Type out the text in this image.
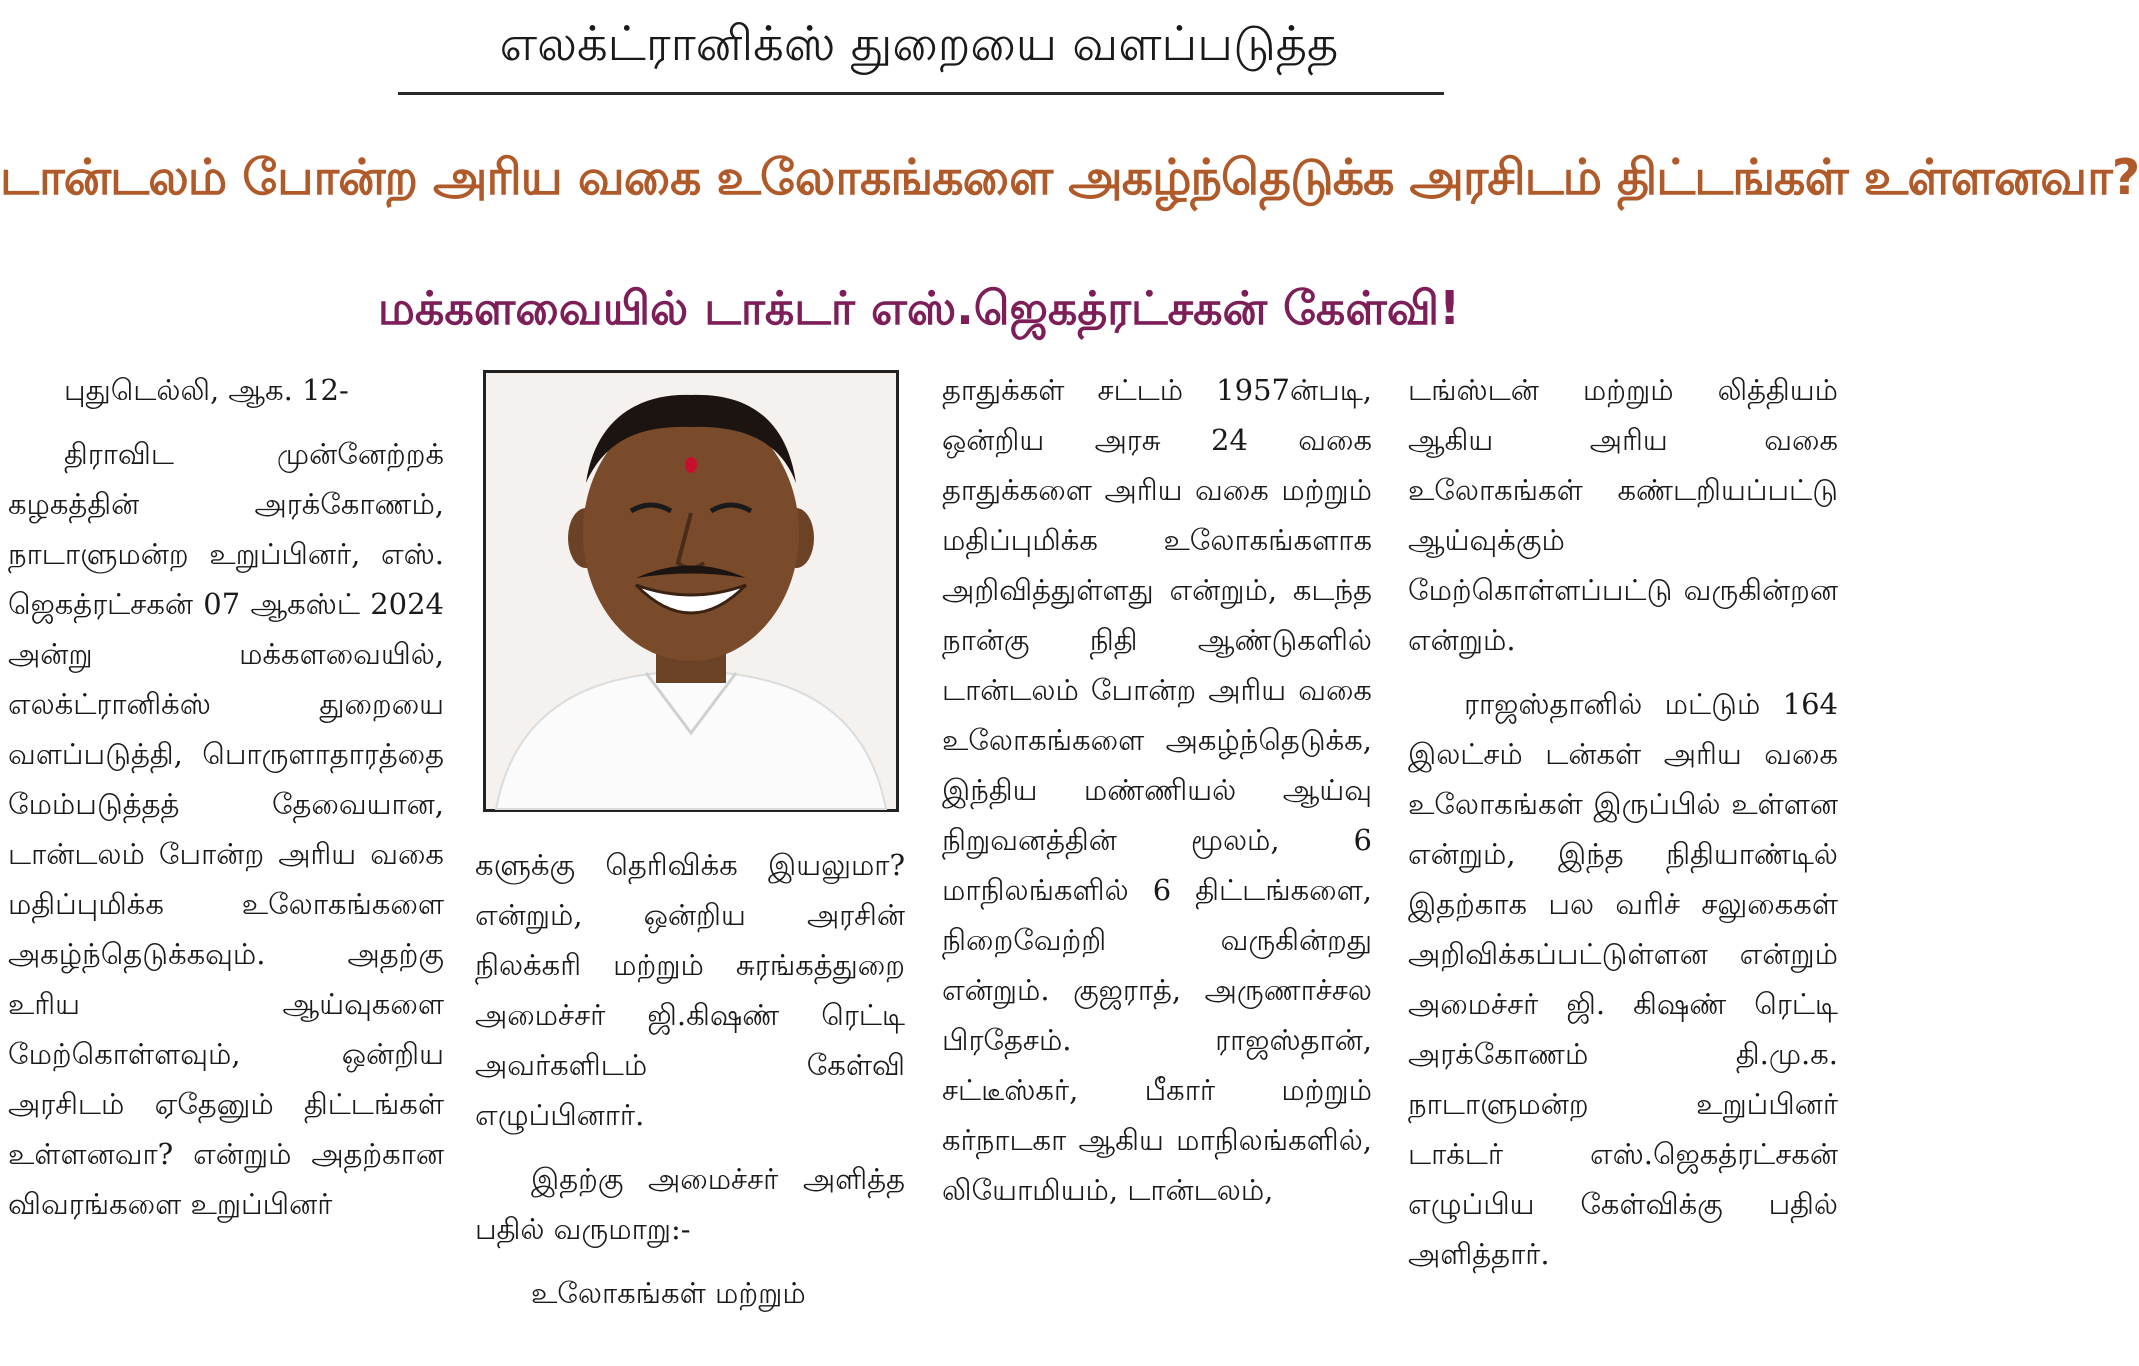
எலக்ட்ரானிக்ஸ் துறையை வளப்படுத்த
டான்டலம் போன்ற அரிய வகை உலோகங்களை அகழ்ந்தெடுக்க அரசிடம் திட்டங்கள் உள்ளனவா?
மக்களவையில் டாக்டர் எஸ்.ஜெகத்ரட்சகன் கேள்வி!

புதுடெல்லி, ஆக. 12-

திராவிட முன்னேற்றக் கழகத்தின் அரக்கோணம், நாடாளுமன்ற உறுப்பினர், எஸ். ஜெகத்ரட்சகன் 07 ஆகஸ்ட் 2024 அன்று மக்களவையில், எலக்ட்ரானிக்ஸ் துறையை வளப்படுத்தி, பொருளாதாரத்தை மேம்படுத்தத் தேவையான, டான்டலம் போன்ற அரிய வகை மதிப்புமிக்க உலோகங்களை அகழ்ந்தெடுக்கவும். அதற்கு உரிய ஆய்வுகளை மேற்கொள்ளவும், ஒன்றிய அரசிடம் ஏதேனும் திட்டங்கள் உள்ளனவா? என்றும் அதற்கான விவரங்களை உறுப்பினர்

களுக்கு தெரிவிக்க இயலுமா? என்றும், ஒன்றிய அரசின் நிலக்கரி மற்றும் சுரங்கத்துறை அமைச்சர் ஜி.கிஷண் ரெட்டி அவர்களிடம் கேள்வி எழுப்பினார்.

இதற்கு அமைச்சர் அளித்த பதில் வருமாறு:-

உலோகங்கள் மற்றும்

தாதுக்கள் சட்டம் 1957ன்படி, ஒன்றிய அரசு 24 வகை தாதுக்களை அரிய வகை மற்றும் மதிப்புமிக்க உலோகங்களாக அறிவித்துள்ளது என்றும், கடந்த நான்கு நிதி ஆண்டுகளில் டான்டலம் போன்ற அரிய வகை உலோகங்களை அகழ்ந்தெடுக்க, இந்திய மண்ணியல் ஆய்வு நிறுவனத்தின் மூலம், 6 மாநிலங்களில் 6 திட்டங்களை, நிறைவேற்றி வருகின்றது என்றும். குஜராத், அருணாச்சல பிரதேசம். ராஜஸ்தான், சட்டீஸ்கர், பீகார் மற்றும் கர்நாடகா ஆகிய மாநிலங்களில், லியோமியம், டான்டலம்,

டங்ஸ்டன் மற்றும் லித்தியம் ஆகிய அரிய வகை உலோகங்கள் கண்டறியப்பட்டு ஆய்வுக்கும் மேற்கொள்ளப்பட்டு வருகின்றன என்றும்.

ராஜஸ்தானில் மட்டும் 164 இலட்சம் டன்கள் அரிய வகை உலோகங்கள் இருப்பில் உள்ளன என்றும், இந்த நிதியாண்டில் இதற்காக பல வரிச் சலுகைகள் அறிவிக்கப்பட்டுள்ளன என்றும் அமைச்சர் ஜி. கிஷண் ரெட்டி அரக்கோணம் தி.மு.க. நாடாளுமன்ற உறுப்பினர் டாக்டர் எஸ்.ஜெகத்ரட்சகன் எழுப்பிய கேள்விக்கு பதில் அளித்தார்.
